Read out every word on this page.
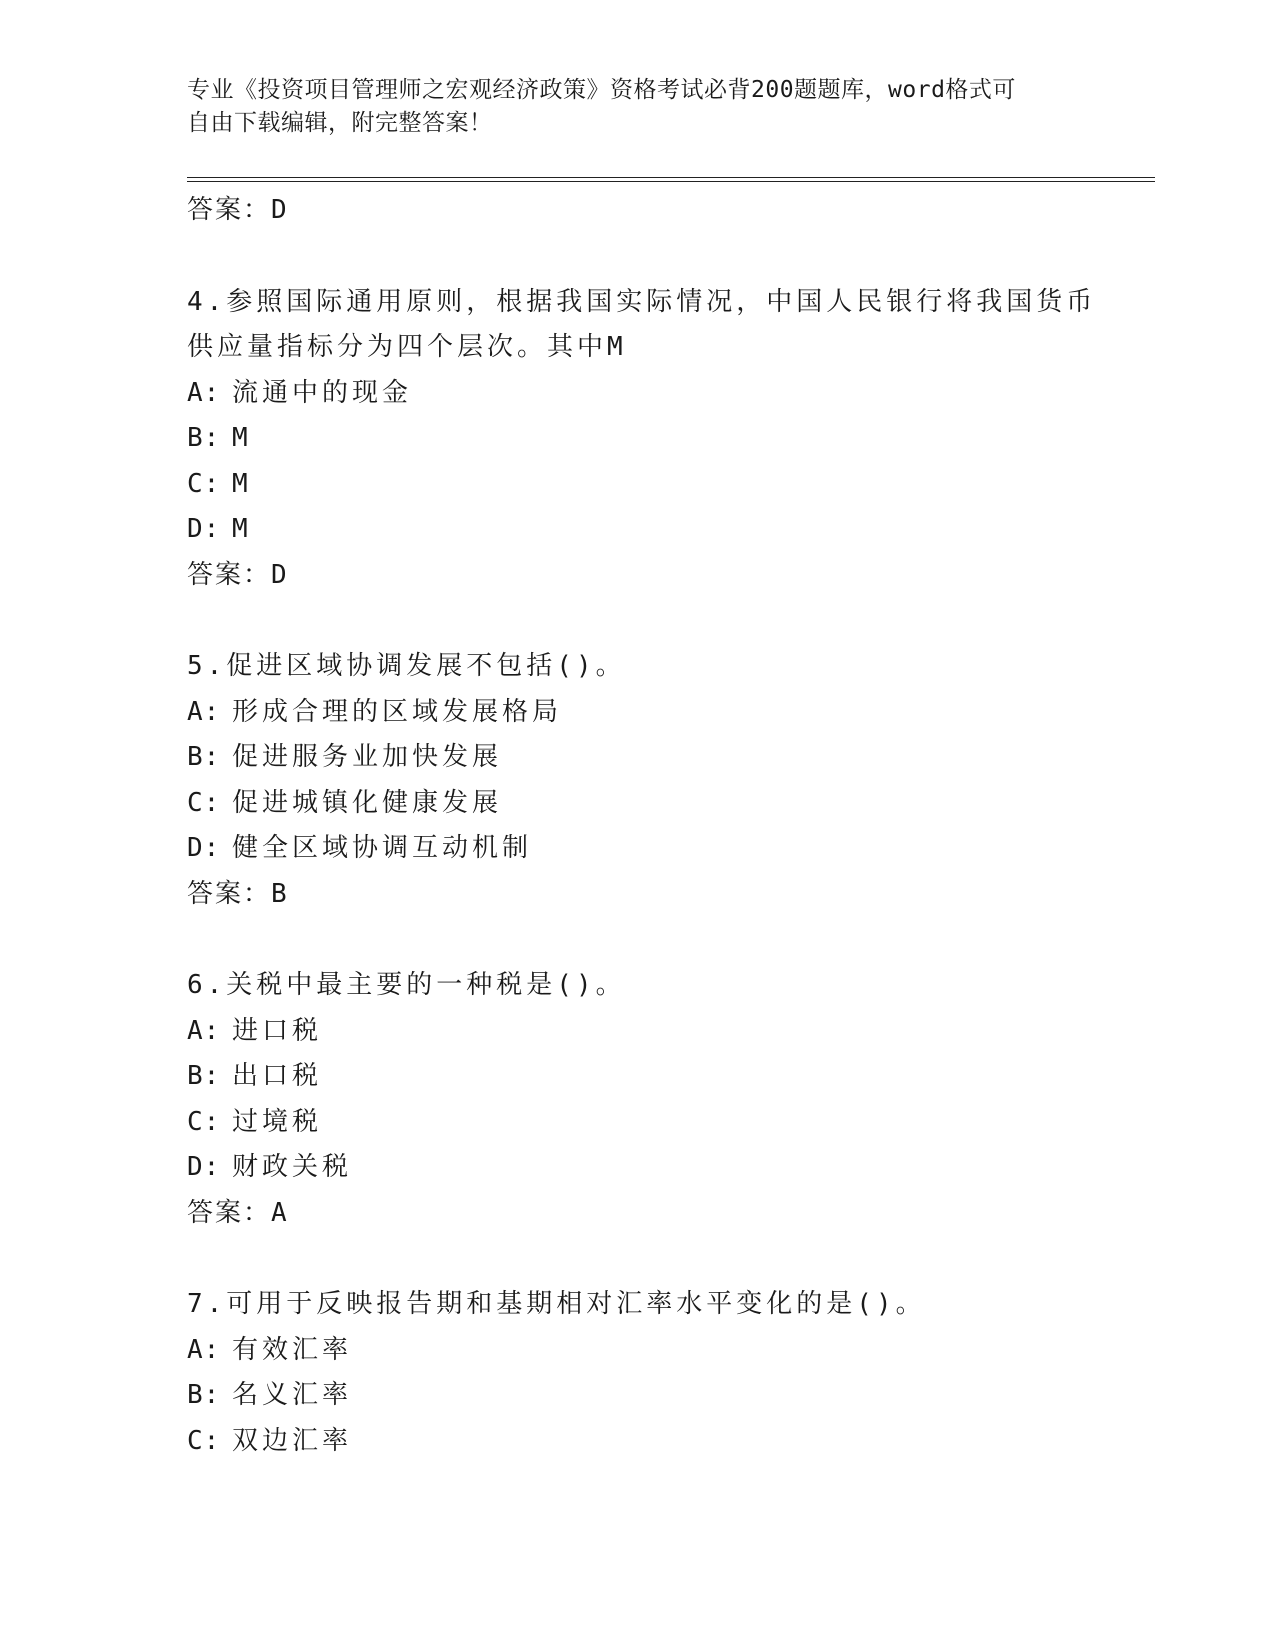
专业《投资项目管理师之宏观经济政策》资格考试必背200题题库，word格式可
自由下载编辑，附完整答案！
答案：D
4.参照国际通用原则，根据我国实际情况，中国人民银行将我国货币
供应量指标分为四个层次。其中M
A: 流通中的现金
B: M
C: M
D: M
答案：D
5.促进区域协调发展不包括()。
A: 形成合理的区域发展格局
B: 促进服务业加快发展
C: 促进城镇化健康发展
D: 健全区域协调互动机制
答案：B
6.关税中最主要的一种税是()。
A: 进口税
B: 出口税
C: 过境税
D: 财政关税
答案：A
7.可用于反映报告期和基期相对汇率水平变化的是()。
A: 有效汇率
B: 名义汇率
C: 双边汇率
